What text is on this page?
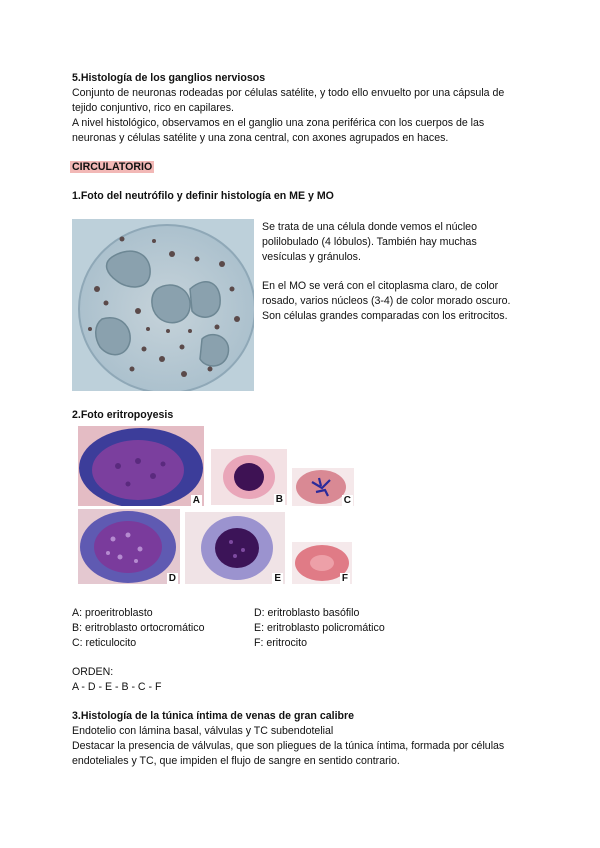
5.Histología de los ganglios nerviosos
Conjunto de neuronas rodeadas por células satélite, y todo ello envuelto por una cápsula de
tejido conjuntivo, rico en capilares.
A nivel histológico, observamos en el ganglio una zona periférica con los cuerpos de las
neuronas y células satélite y una zona central, con axones agrupados en haces.
CIRCULATORIO
1.Foto del neutrófilo y definir histología en ME y MO
Se trata de una célula donde vemos el núcleo
polilobulado (4 lóbulos). También hay muchas
vesículas y gránulos.
En el MO se verá con el citoplasma claro, de color
rosado, varios núcleos (3-4) de color morado oscuro.
Son células grandes comparadas con los eritrocitos.
2.Foto eritropoyesis
A	B	C
D	E	F
A: proeritroblasto
B: eritroblasto ortocromático
C: reticulocito
D: eritroblasto basófilo
E: eritroblasto policromático
F: eritrocito
ORDEN:
A - D - E - B - C - F
3.Histología de la túnica íntima de venas de gran calibre
Endotelio con lámina basal, válvulas y TC subendotelial
Destacar la presencia de válvulas, que son pliegues de la túnica íntima, formada por células
endoteliales y TC, que impiden el flujo de sangre en sentido contrario.
